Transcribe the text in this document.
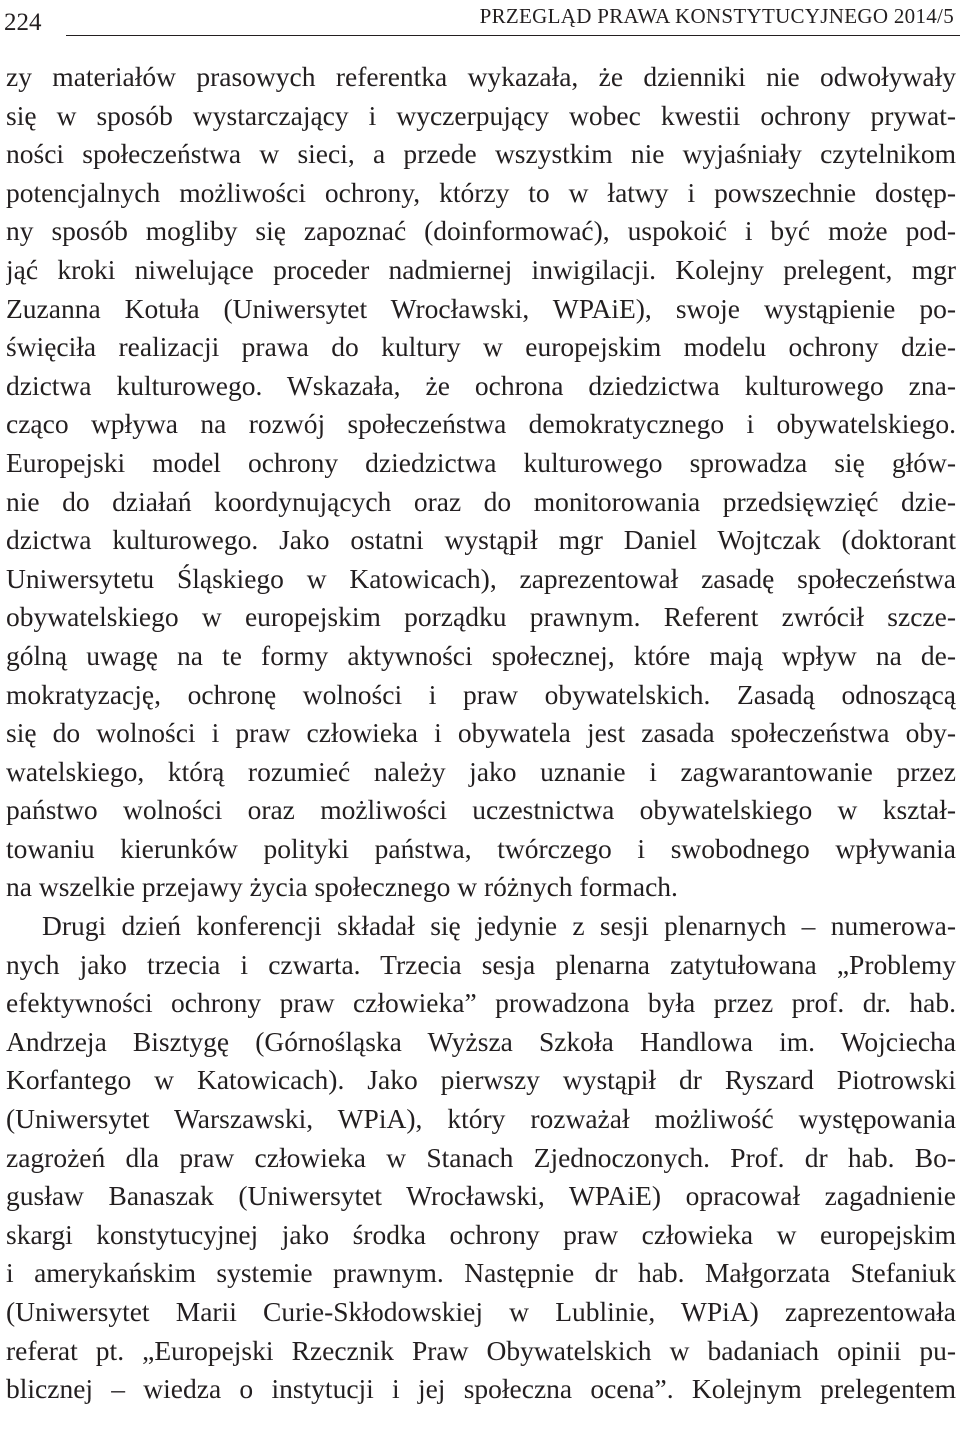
224	PRZEGLĄD PRAWA KONSTYTUCYJNEGO 2014/5
zy materiałów prasowych referentka wykazała, że dzienniki nie odwoływały
się w sposób wystarczający i wyczerpujący wobec kwestii ochrony prywat-
ności społeczeństwa w sieci, a przede wszystkim nie wyjaśniały czytelnikom
potencjalnych możliwości ochrony, którzy to w łatwy i powszechnie dostęp-
ny sposób mogliby się zapoznać (doinformować), uspokoić i być może pod-
jąć kroki niwelujące proceder nadmiernej inwigilacji. Kolejny prelegent, mgr
Zuzanna Kotuła (Uniwersytet Wrocławski, WPAiE), swoje wystąpienie po-
święciła realizacji prawa do kultury w europejskim modelu ochrony dzie-
dzictwa kulturowego. Wskazała, że ochrona dziedzictwa kulturowego zna-
cząco wpływa na rozwój społeczeństwa demokratycznego i obywatelskiego.
Europejski model ochrony dziedzictwa kulturowego sprowadza się głów-
nie do działań koordynujących oraz do monitorowania przedsięwzięć dzie-
dzictwa kulturowego. Jako ostatni wystąpił mgr Daniel Wojtczak (doktorant
Uniwersytetu Śląskiego w Katowicach), zaprezentował zasadę społeczeństwa
obywatelskiego w europejskim porządku prawnym. Referent zwrócił szcze-
gólną uwagę na te formy aktywności społecznej, które mają wpływ na de-
mokratyzację, ochronę wolności i praw obywatelskich. Zasadą odnoszącą
się do wolności i praw człowieka i obywatela jest zasada społeczeństwa oby-
watelskiego, którą rozumieć należy jako uznanie i zagwarantowanie przez
państwo wolności oraz możliwości uczestnictwa obywatelskiego w kształ-
towaniu kierunków polityki państwa, twórczego i swobodnego wpływania
na wszelkie przejawy życia społecznego w różnych formach.
Drugi dzień konferencji składał się jedynie z sesji plenarnych – numerowa-
nych jako trzecia i czwarta. Trzecia sesja plenarna zatytułowana „Problemy
efektywności ochrony praw człowieka” prowadzona była przez prof. dr. hab.
Andrzeja Bisztygę (Górnośląska Wyższa Szkoła Handlowa im. Wojciecha
Korfantego w Katowicach). Jako pierwszy wystąpił dr Ryszard Piotrowski
(Uniwersytet Warszawski, WPiA), który rozważał możliwość występowania
zagrożeń dla praw człowieka w Stanach Zjednoczonych. Prof. dr hab. Bo-
gusław Banaszak (Uniwersytet Wrocławski, WPAiE) opracował zagadnienie
skargi konstytucyjnej jako środka ochrony praw człowieka w europejskim
i amerykańskim systemie prawnym. Następnie dr hab. Małgorzata Stefaniuk
(Uniwersytet Marii Curie-Skłodowskiej w Lublinie, WPiA) zaprezentowała
referat pt. „Europejski Rzecznik Praw Obywatelskich w badaniach opinii pu-
blicznej – wiedza o instytucji i jej społeczna ocena”. Kolejnym prelegentem
